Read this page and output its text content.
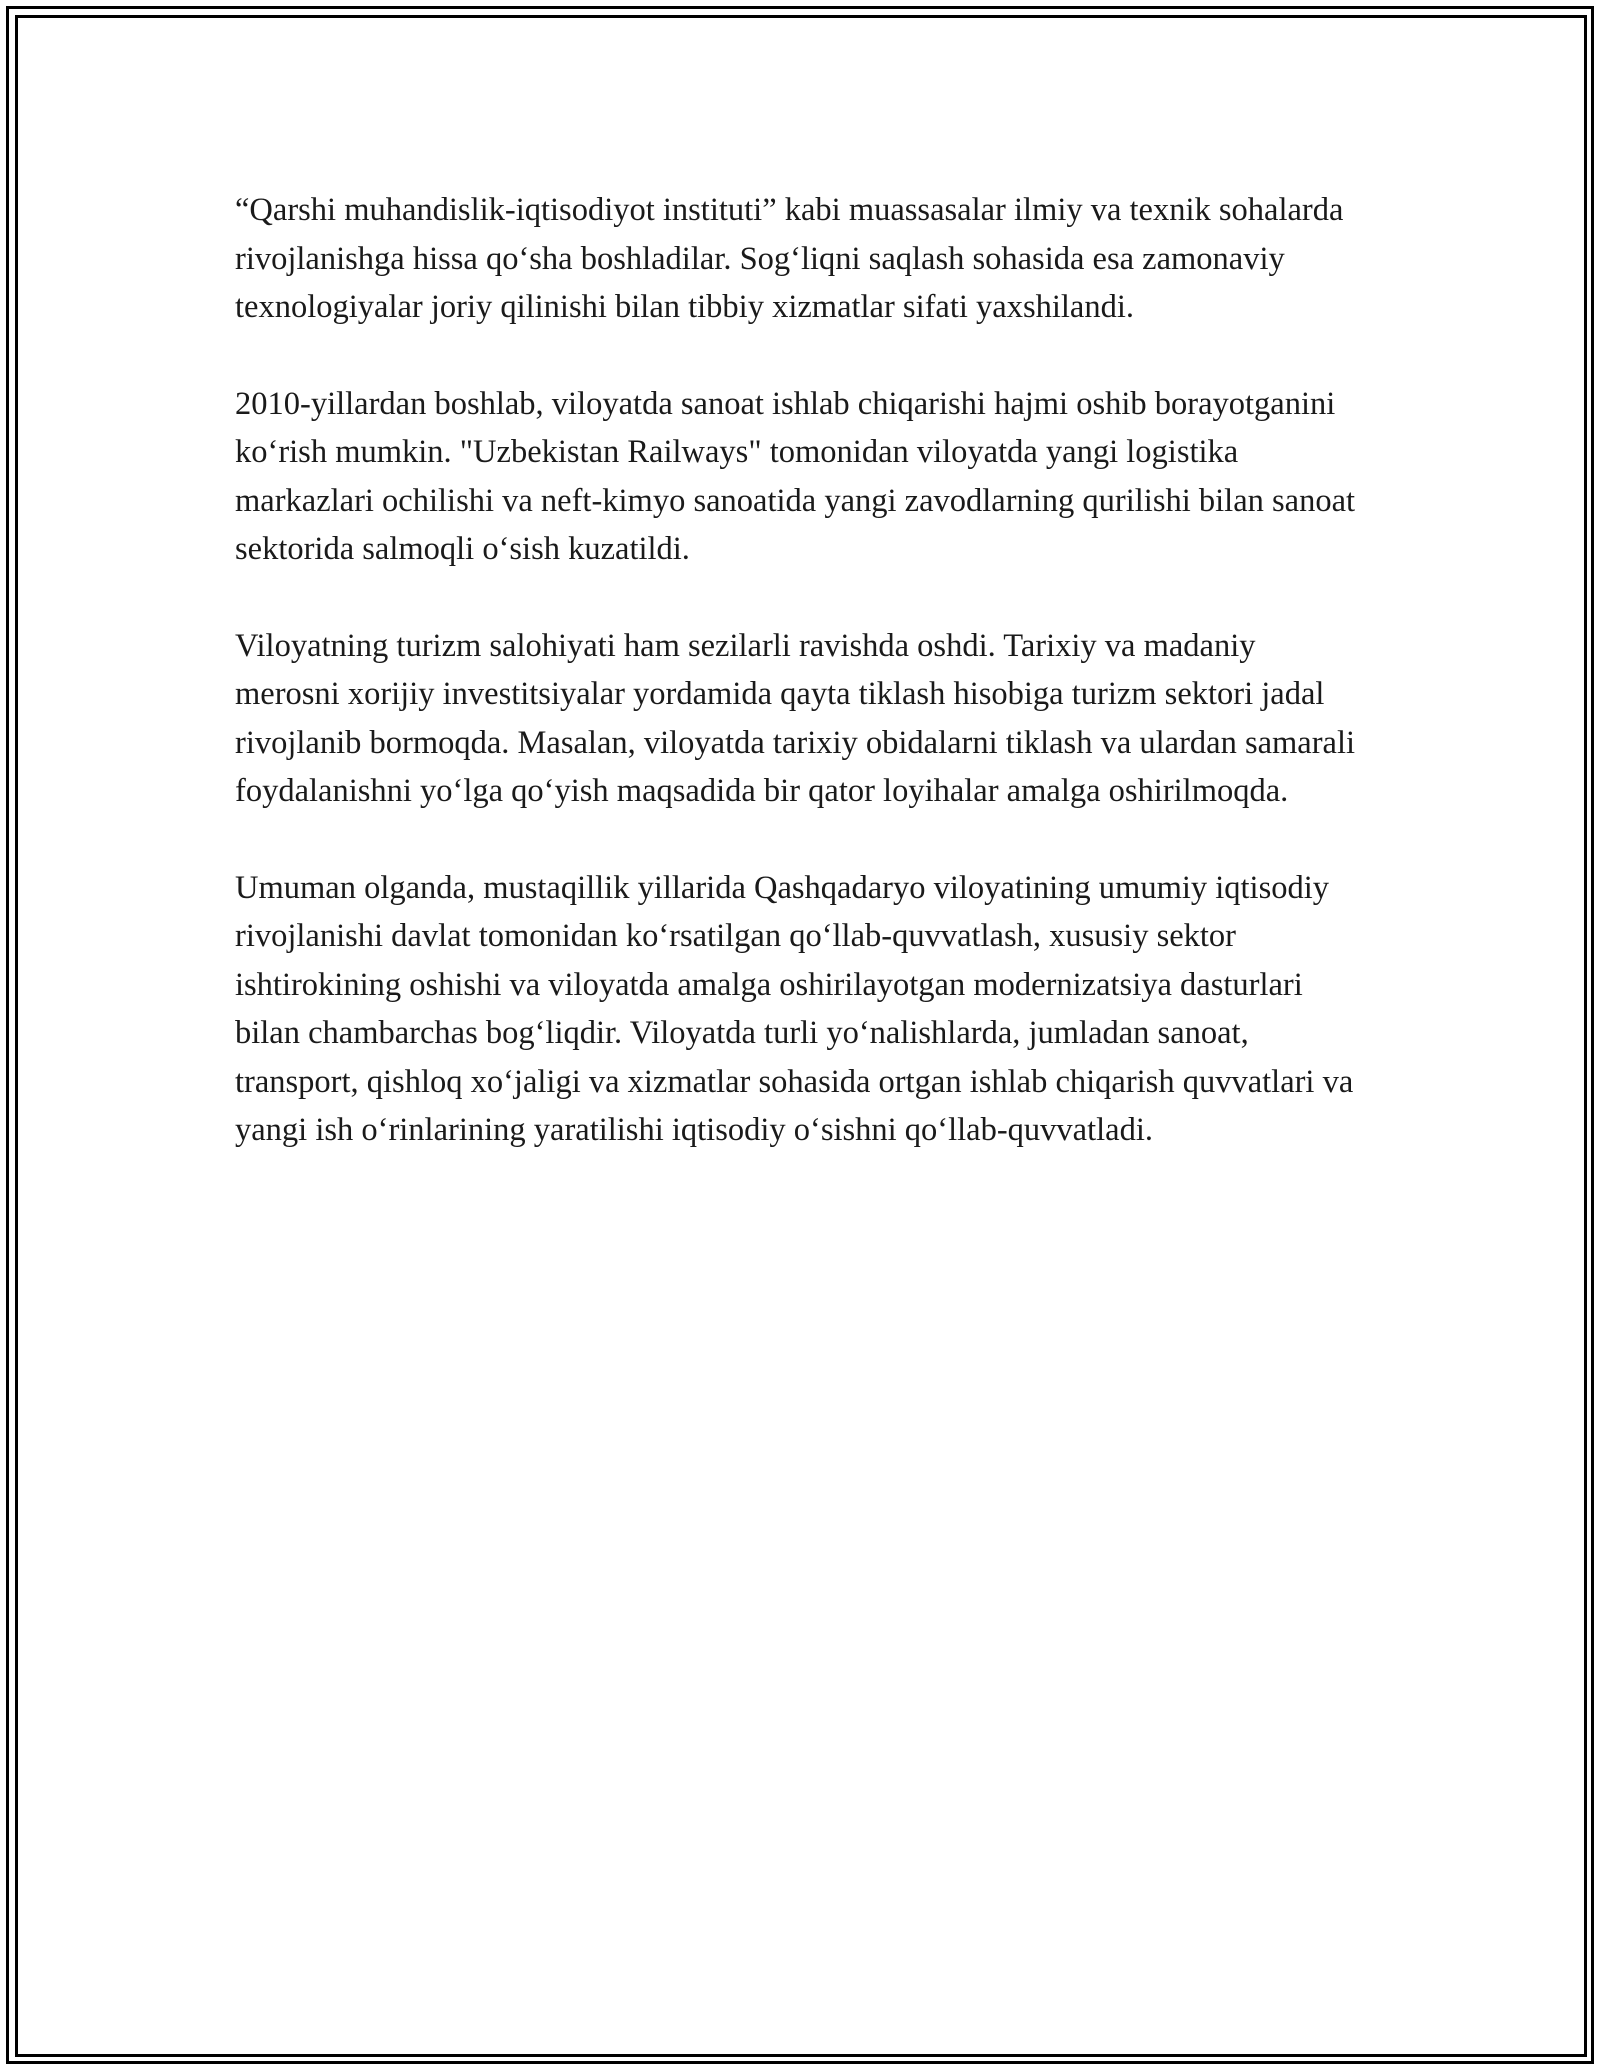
“Qarshi muhandislik-iqtisodiyot instituti” kabi muassasalar ilmiy va texnik sohalarda rivojlanishga hissa qo‘sha boshladilar. Sog‘liqni saqlash sohasida esa zamonaviy texnologiyalar joriy qilinishi bilan tibbiy xizmatlar sifati yaxshilandi.

2010-yillardan boshlab, viloyatda sanoat ishlab chiqarishi hajmi oshib borayotganini ko‘rish mumkin. "Uzbekistan Railways" tomonidan viloyatda yangi logistika markazlari ochilishi va neft-kimyo sanoatida yangi zavodlarning qurilishi bilan sanoat sektorida salmoqli o‘sish kuzatildi.

Viloyatning turizm salohiyati ham sezilarli ravishda oshdi. Tarixiy va madaniy merosni xorijiy investitsiyalar yordamida qayta tiklash hisobiga turizm sektori jadal rivojlanib bormoqda. Masalan, viloyatda tarixiy obidalarni tiklash va ulardan samarali foydalanishni yo‘lga qo‘yish maqsadida bir qator loyihalar amalga oshirilmoqda.

Umuman olganda, mustaqillik yillarida Qashqadaryo viloyatining umumiy iqtisodiy rivojlanishi davlat tomonidan ko‘rsatilgan qo‘llab-quvvatlash, xususiy sektor ishtirokining oshishi va viloyatda amalga oshirilayotgan modernizatsiya dasturlari bilan chambarchas bog‘liqdir. Viloyatda turli yo‘nalishlarda, jumladan sanoat, transport, qishloq xo‘jaligi va xizmatlar sohasida ortgan ishlab chiqarish quvvatlari va yangi ish o‘rinlarining yaratilishi iqtisodiy o‘sishni qo‘llab-quvvatladi.
